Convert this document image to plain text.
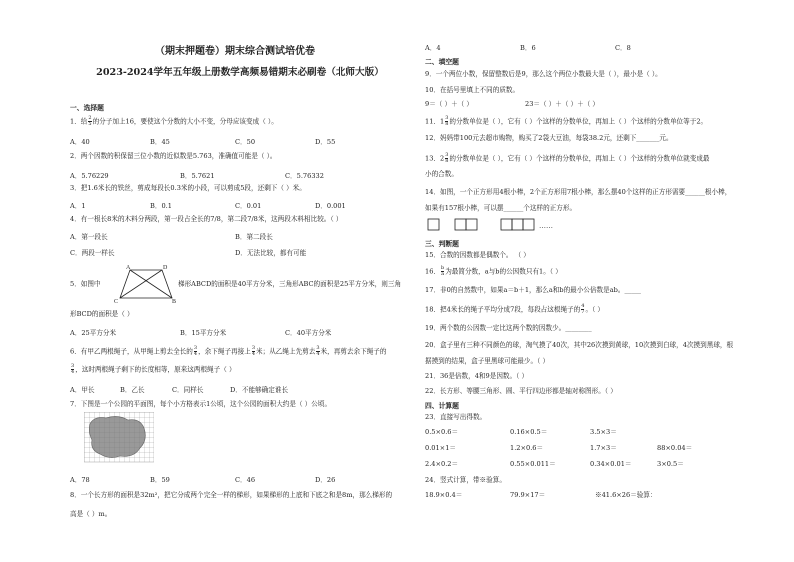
（期末押题卷）期末综合测试培优卷
2023-2024学年五年级上册数学高频易错期末必刷卷（北师大版）
一、选择题
1．给 $\frac{2}{5}$ 的分子加上16，要使这个分数的大小不变，分母应该变成（ ）。
A．40	B．45	C．50	D．55
2．两个因数的积保留三位小数的近似数是5.763，准确值可能是（ ）。
A．5.76229	B．5.7621	C．5.76332
3．把1.6米长的铁丝，剪成每段长0.3米的小段，可以剪成5段，还剩下（ ）米。
A．1	B．0.1	C．0.01	D．0.001
4．有一根长8米的木料分两段，第一段占全长的7/8，第二段7/8米，这两段木料相比较。（ ）
A．第一段长	B．第二段长
C．两段一样长	D．无法比较，都有可能
A	D
C	B
5．如图中	梯形ABCD的面积是40平方分米，三角形ABC的面积是25平方分米，则三角
形BCD的面积是（ ）
A．25平方分米	B．15平方分米	C．40平方分米
6．有甲乙两根绳子，从甲绳上剪去全长的 $\frac{3}{4}$ ，余下绳子再接上 $\frac{3}{4}$ 米；从乙绳上先剪去 $\frac{3}{4}$ 米，再剪去余下绳子的
$\frac{3}{4}$ ，这时两根绳子剩下的长度相等，原来这两根绳子（ ）
A．甲长	B．乙长	C．同样长	D．不能够确定谁长
7．下图是一个公园的平面图，每个小方格表示1公顷，这个公园的面积大约是（ ）公顷。
A．78	B．59	C．46	D．26
8．一个长方形的面积是32m²，把它分成两个完全一样的梯形，如果梯形的上底和下底之和是8m，那么梯形的
高是（ ）m。
A．4	B．6	C．8
二、填空题
9．一个两位小数，保留整数后是9，那么这个两位小数最大是（ ），最小是（ ）。
10．在括号里填上不同的质数。
9＝（ ）＋（ ）	23＝（ ）＋（ ）＋（ ）
11．$1 \frac{3}{8}$ 的分数单位是（ ），它有（ ）个这样的分数单位，再加上（ ）个这样的分数单位等于2。
12．妈妈带100元去超市购物，购买了2袋大豆油，每袋38.2元，还剩下_______元。
13．$2 \frac{3}{8}$ 的分数单位是（ ），它有（ ）个这样的分数单位，再加上（ ）个这样的分数单位就变成最
小的合数。
14．如图，一个正方形用4根小棒，2个正方形用7根小棒，那么摆40个这样的正方形需要______根小棒，
如果有157根小棒，可以摆______个这样的正方形。
……
三、判断题
15．合数的因数都是偶数个。 （ ）
16． $\frac{b}{a}$ 为最简分数，a与b的公因数只有1。（ ）
17．非0的自然数中，如果a＝b＋1，那么a和b的最小公倍数是ab。_____
18．把4米长的绳子平均分成7段，每段占这根绳子的 $\frac{4}{7}$ 。（ ）
19．两个数的公因数一定比这两个数的因数少。________
20．盒子里有三种不同颜色的球，淘气摸了40次，其中26次摸到黄球，10次摸到白球，4次摸到黑球，根
据摸到的结果，盒子里黑球可能最少。（ ）
21．36是倍数，4和9是因数。（ ）
22．长方形、等腰三角形、圆、平行四边形都是轴对称图形。（ ）
四、计算题
23．直接写出得数。
0.5×0.6＝	0.16×0.5＝	3.5×3＝
0.01×1＝	1.2×0.6＝	1.7×3＝	88×0.04＝
2.4×0.2＝	0.55×0.011＝	0.34×0.01＝	3×0.5＝
24．竖式计算，带※验算。
18.9×0.4＝	79.9×17＝	※41.6×26＝验算：
